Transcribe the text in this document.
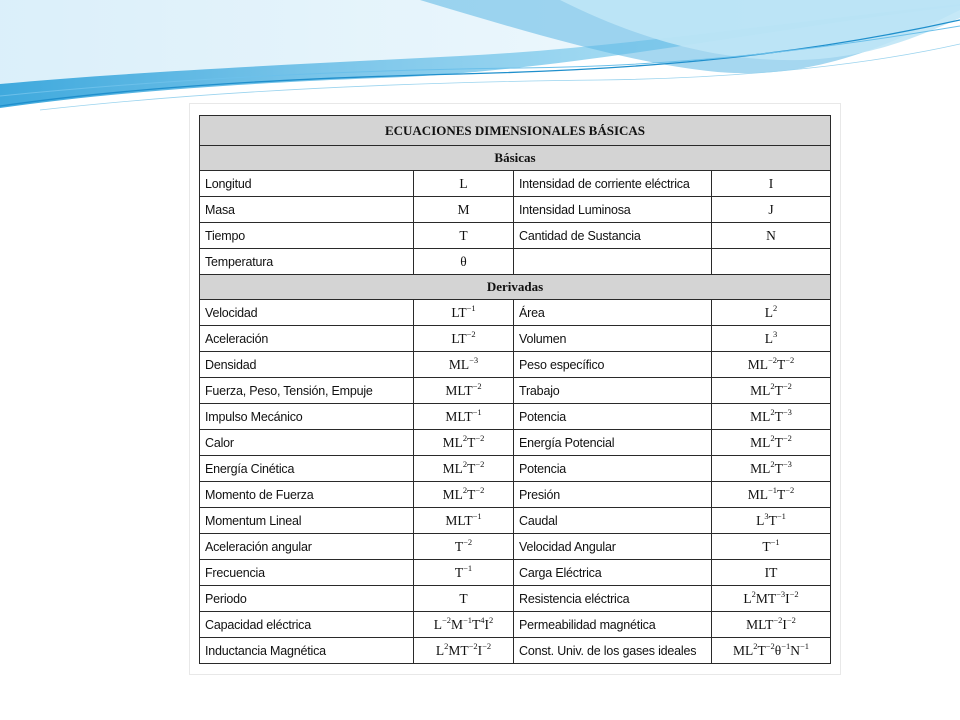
ECUACIONES DIMENSIONALES BÁSICAS			
Básicas			
Longitud	L	Intensidad de corriente eléctrica	I
Masa	M	Intensidad Luminosa	J
Tiempo	T	Cantidad de Sustancia	N
Temperatura	θ		
Derivadas			
Velocidad	$LT^{-1}$	Área	$L^2$
Aceleración	$LT^{-2}$	Volumen	$L^3$
Densidad	$ML^{-3}$	Peso específico	$ML^{-2}T^{-2}$
Fuerza, Peso, Tensión, Empuje	$MLT^{-2}$	Trabajo	$ML^2T^{-2}$
Impulso Mecánico	$MLT^{-1}$	Potencia	$ML^2T^{-3}$
Calor	$ML^2T^{-2}$	Energía Potencial	$ML^2T^{-2}$
Energía Cinética	$ML^2T^{-2}$	Potencia	$ML^2T^{-3}$
Momento de Fuerza	$ML^2T^{-2}$	Presión	$ML^{-1}T^{-2}$
Momentum Lineal	$MLT^{-1}$	Caudal	$L^3T^{-1}$
Aceleración angular	$T^{-2}$	Velocidad Angular	$T^{-1}$
Frecuencia	$T^{-1}$	Carga Eléctrica	IT
Periodo	T	Resistencia eléctrica	$L^2MT^{-3}I^{-2}$
Capacidad eléctrica	$L^{-2}M^{-1}T^4I^2$	Permeabilidad magnética	$MLT^{-2}I^{-2}$
Inductancia Magnética	$L^2MT^{-2}I^{-2}$	Const. Univ. de los gases ideales	$ML^2T^{-2}\theta^{-1}N^{-1}$
